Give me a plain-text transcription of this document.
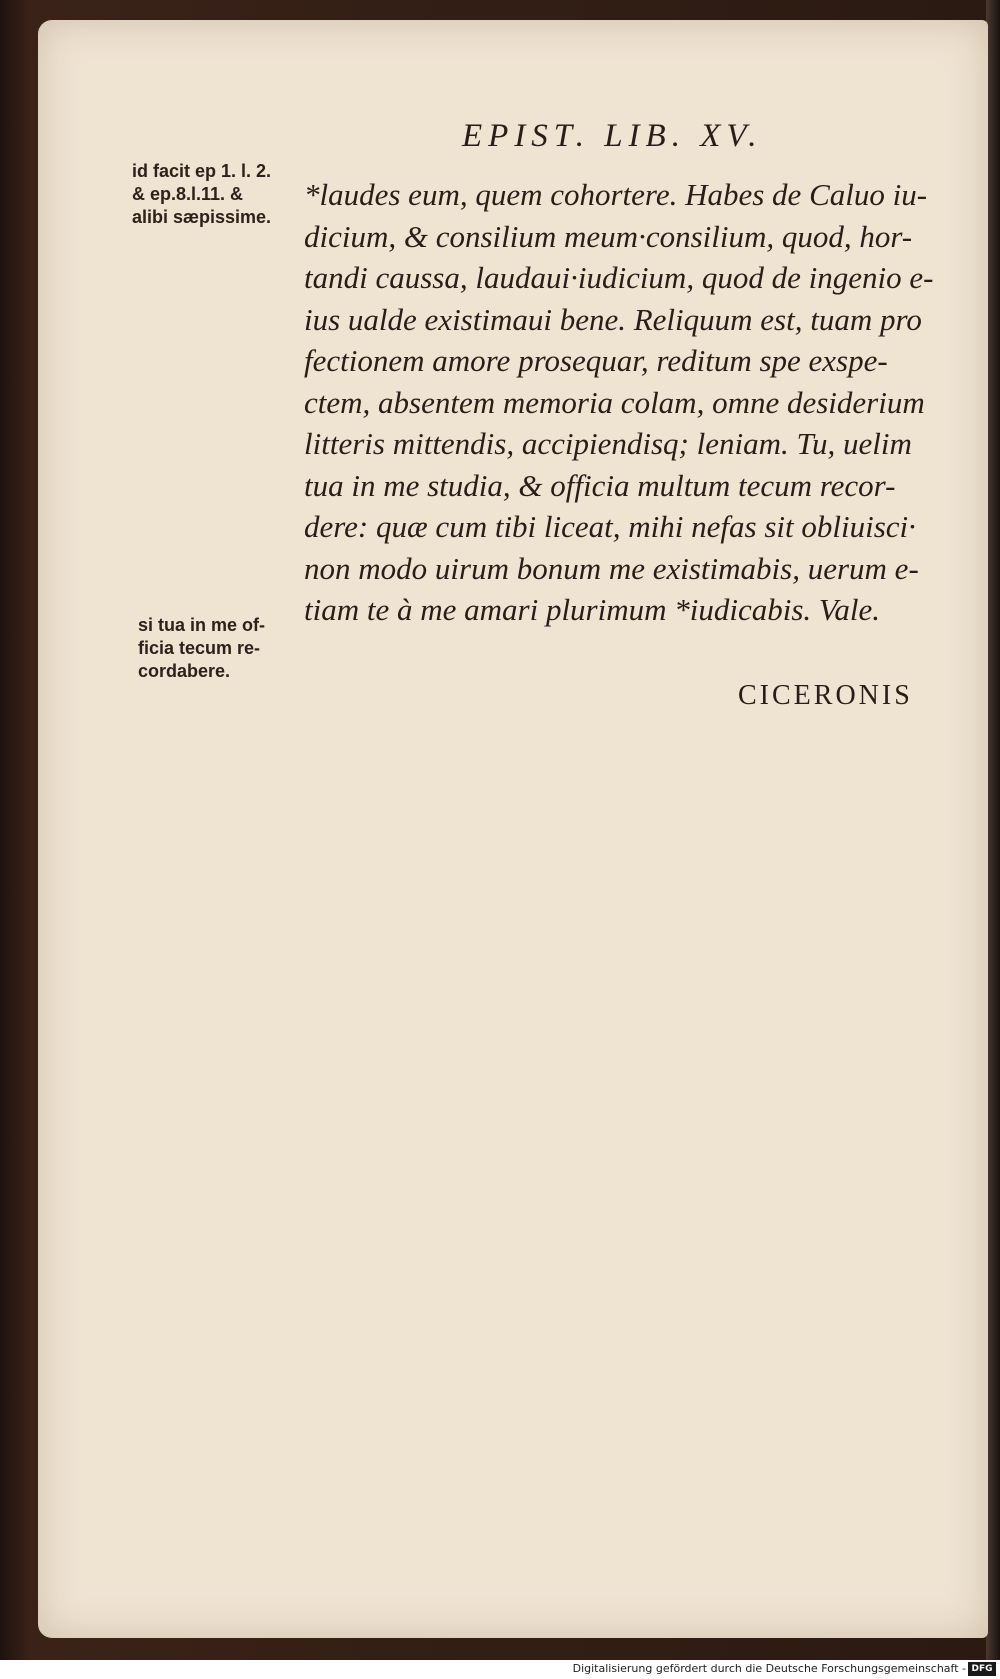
EPIST. LIB. XV.
id facit ep 1. l. 2.
& ep.8.l.11. &
alibi sæpissime.
si tua in me of-
ficia tecum re-
cordabere.
*laudes eum, quem cohortere. Habes de Caluo iu-
dicium, & consilium meum·consilium, quod, hor-
tandi caussa, laudaui·iudicium, quod de ingenio e-
ius ualde existimaui bene. Reliquum est, tuam pro
fectionem amore prosequar, reditum spe exspe-
ctem, absentem memoria colam, omne desiderium
litteris mittendis, accipiendisq; leniam. Tu, uelim
tua in me studia, & officia multum tecum recor-
dere: quæ cum tibi liceat, mihi nefas sit obliuisci·
non modo uirum bonum me existimabis, uerum e-
tiam te à me amari plurimum *iudicabis. Vale.
CICERONIS
Digitalisierung gefördert durch die Deutsche Forschungsgemeinschaft - DFG
